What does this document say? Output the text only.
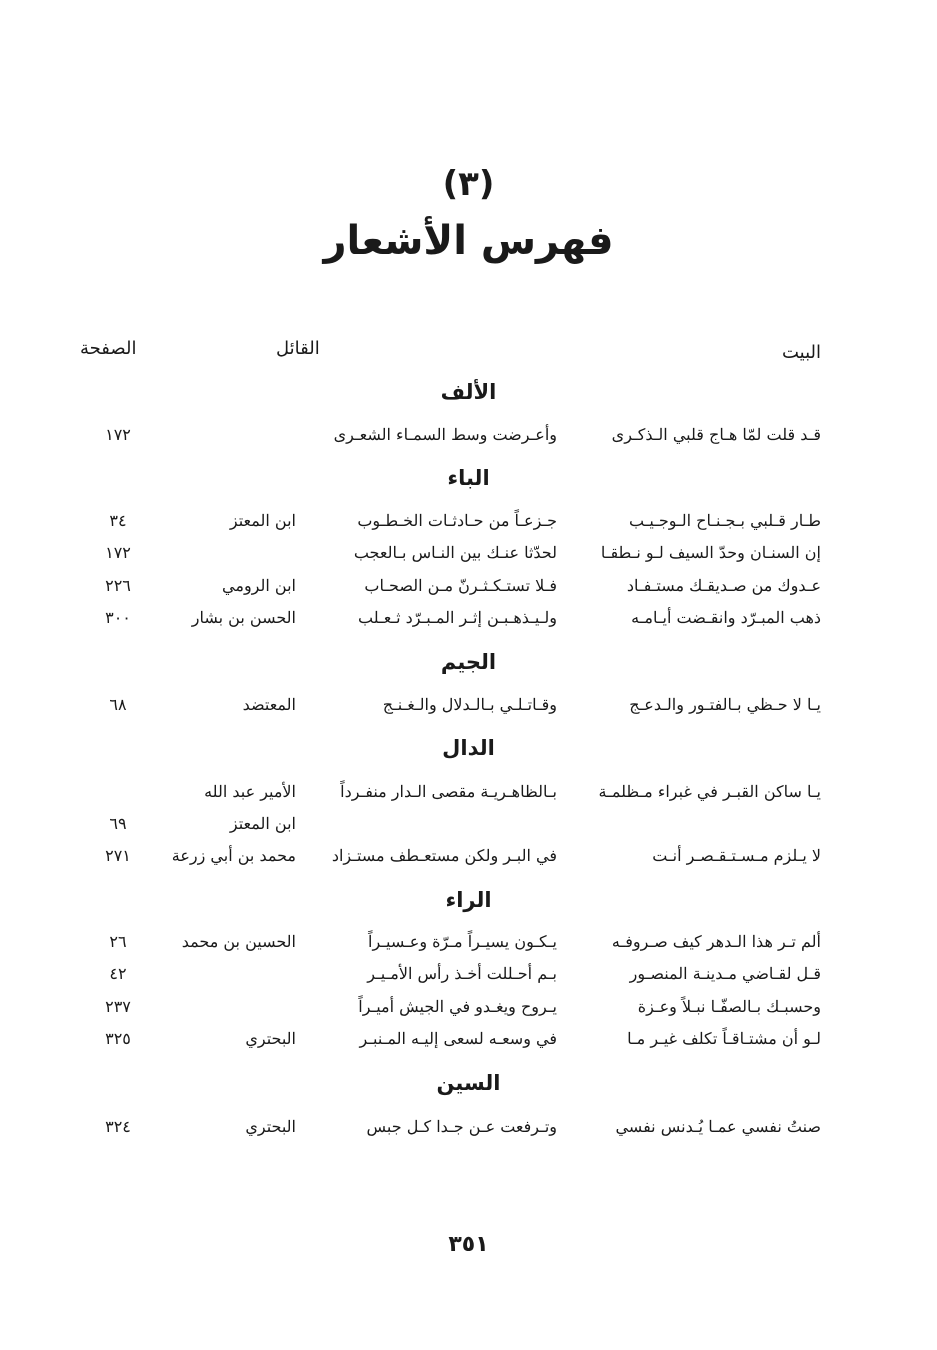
(٣)
فهرس الأشعار
البيت
القائل
الصفحة
الألف
قـد قلت لمّا هـاج قلبي الـذكـرى
وأعـرضت وسط السمـاء الشعـرى
١٧٢
الباء
طـار قـلبي بـجـنـاح الـوجـيـب
جـزعـاً من حـادثـات الخـطـوب
ابن المعتز
٣٤
إن السنـان وحدّ السيف لـو نـطقـا
لحدّثا عنـك بين النـاس بـالعجب
١٧٢
عـدوك من صـديقـك مستـفـاد
فـلا تستـكـثـرنّ مـن الصحـاب
ابن الرومي
٢٢٦
ذهب المبـرّد وانقـضت أيـامـه
ولـيـذهـبـن إثـر المـبـرّد ثـعـلب
الحسن بن بشار
٣٠٠
الجيم
يـا لا حـظي بـالفتـور والـدعـج
وقـاتـلـي بـالـدلال والـغـنـج
المعتضد
٦٨
الدال
يـا ساكن القبـر في غبراء مـظلمـة
بـالظاهـريـة مقصى الـدار منفـرداً
الأمير عبد الله
ابن المعتز
٦٩
لا يـلزم مـسـتـقـصـر أنـت
في البـر ولكن مستعـطف مستـزاد
محمد بن أبي زرعة
٢٧١
الراء
ألم تـر هذا الـدهر كيف صـروفـه
يـكـون يسيـراً مـرّة وعـسيـراً
الحسين بن محمد
٢٦
قـل لقـاضي مـدينـة المنصـور
بـم أحـللت أخـذ رأس الأمـيـر
٤٢
وحسبـك بـالصفّـا نبـلاً وعـزة
يـروح ويغـدو في الجيش أميـراً
٢٣٧
لـو أن مشتـاقـاً تكلف غيـر مـا
في وسعـه لسعى إليـه المـنبـر
البحتري
٣٢٥
السين
صنتُ نفسي عمـا يُـدنس نفسي
وتـرفعت عـن جـدا كـل جبس
البحتري
٣٢٤
٣٥١
